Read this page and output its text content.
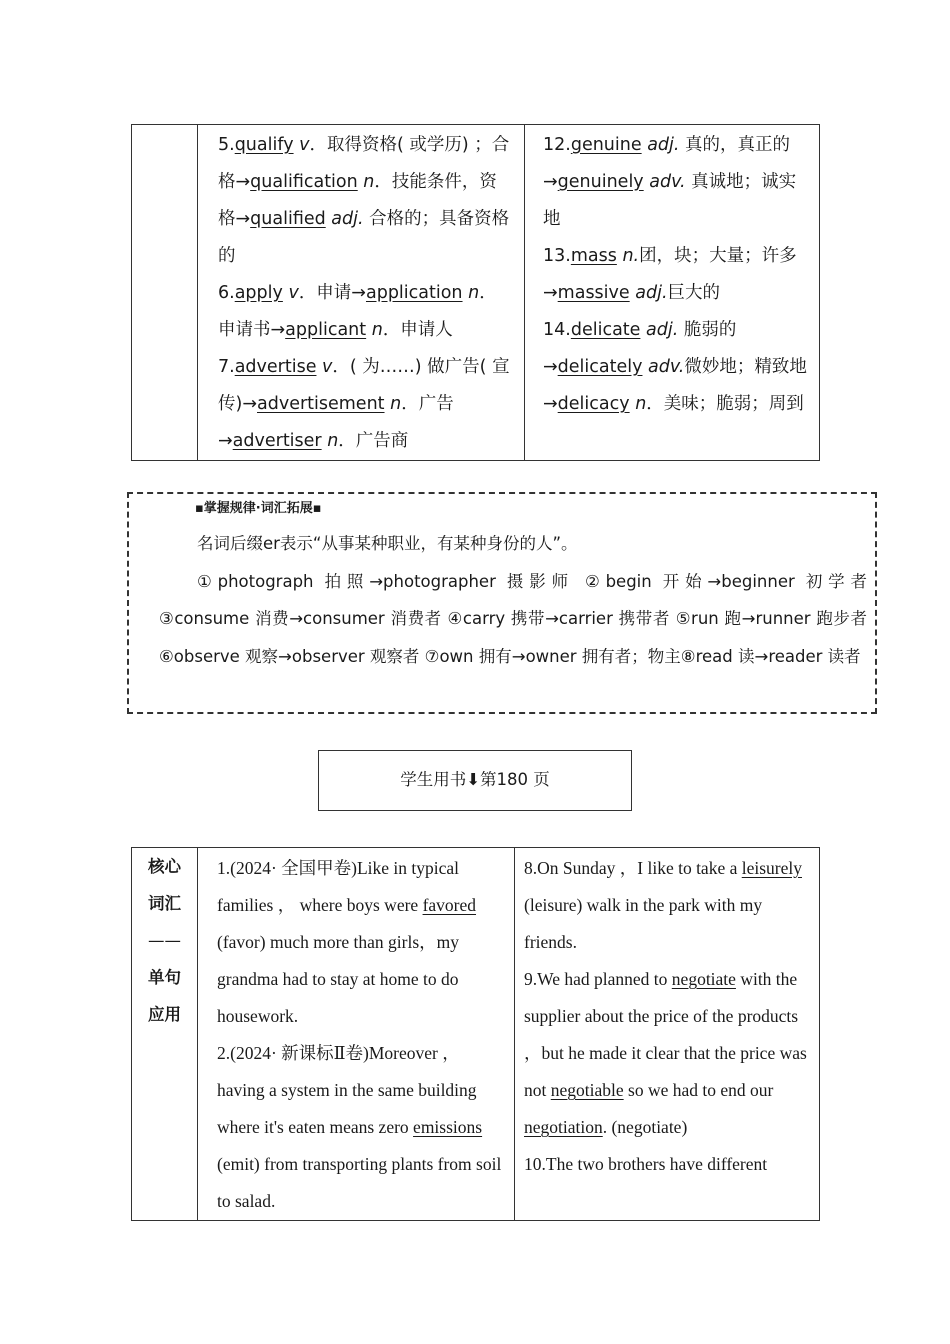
5.qualify v．取得资格( 或学历) ；合格→qualification n．技能条件，资格→qualified adj. 合格的；具备资格的

6.apply v．申请→application n．申请书→applicant n．申请人

7.advertise v．( 为……) 做广告( 宣传)→advertisement n．广告→advertiser n．广告商

12.genuine adj. 真的，真正的→genuinely adv. 真诚地；诚实地

13.mass n.团，块；大量；许多→massive adj.巨大的

14.delicate adj. 脆弱的→delicately adv.微妙地；精致地→delicacy n．美味；脆弱；周到

▪掌握规律·词汇拓展▪

名词后缀er表示“从事某种职业，有某种身份的人”。

①photograph 拍照→photographer 摄影师 ②begin 开始→beginner 初学者 ③consume 消费→consumer 消费者 ④carry 携带→carrier 携带者 ⑤run 跑→runner 跑步者 ⑥observe 观察→observer 观察者 ⑦own 拥有→owner 拥有者；物主⑧read 读→reader 读者

学生用书⬇第180 页
核心
词汇
——
单句
应用

1.(2024· 全国甲卷)Like in typical families ， where boys were favored (favor) much more than girls，my grandma had to stay at home to do housework.

2.(2024· 新课标Ⅱ卷)Moreover ， having a system in the same building where it's eaten means zero emissions (emit) from transporting plants from soil to salad.

8.On Sunday ，I like to take a leisurely (leisure) walk in the park with my friends.

9.We had planned to negotiate with the supplier about the price of the products ，but he made it clear that the price was not negotiable so we had to end our negotiation. (negotiate)

10.The two brothers have different
